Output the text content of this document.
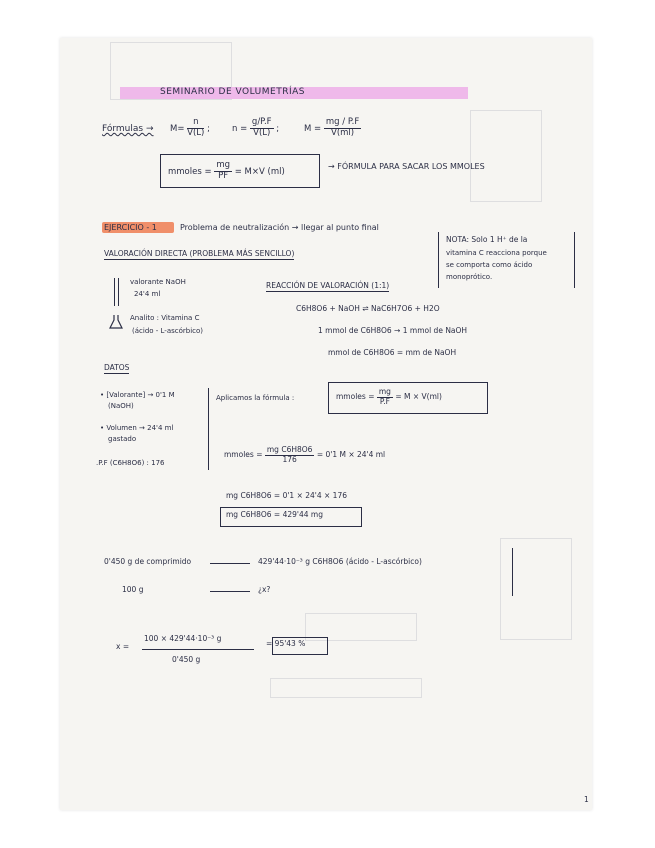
SEMINARIO DE VOLUMETRÍAS
Fórmulas → $M= \frac{n}{V(L)}$ ;	$n = \frac{g/P.F}{V(L)}$ ;	$M = \frac{mg / P.F}{V(ml)}$
mmoles = $\frac{mg}{PF} = M\times V$ (ml)
→ FÓRMULA PARA SACAR LOS MMOLES
EJERCICIO - 1	Problema de neutralización → llegar al punto final
VALORACIÓN DIRECTA (PROBLEMA MÁS SENCILLO)
NOTA: Solo 1 H⁺ de la
vitamina C reacciona porque
se comporta como ácido
monoprótico.
valorante NaOH
24'4 ml
Analito : Vitamina C
(ácido - L-ascórbico)
REACCIÓN DE VALORACIÓN (1:1)
C6H8O6 + NaOH ⇌ NaC6H7O6 + H2O
1 mmol de C6H8O6 → 1 mmol de NaOH
mmol de C6H8O6 = mm de NaOH
DATOS
• [Valorante] → 0'1 M
(NaOH)
• Volumen → 24'4 ml
gastado
.P.F (C6H8O6) : 176
Aplicamos la fórmula :	mmoles = $\frac{mg}{P.F} = M \times V(ml)$
mmoles = $\frac{\text{mg C6H8O6}}{176} = 0'1$ M × 24'4 ml
mg C6H8O6 = 0'1 × 24'4 × 176
mg C6H8O6 = 429'44 mg
0'450 g de comprimido	429'44·10⁻³ g C6H8O6 (ácido - L-ascórbico)
100 g	¿x?
x =
100 × 429'44·10⁻³ g
0'450 g
= 95'43 %
1
